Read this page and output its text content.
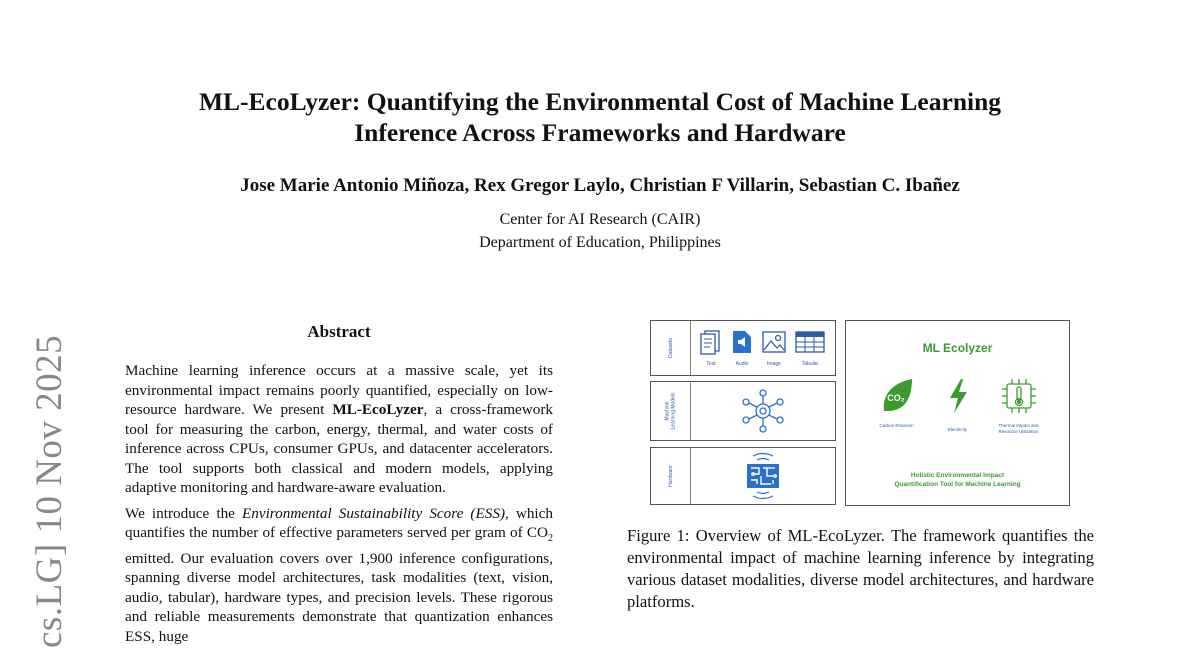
ML-EcoLyzer: Quantifying the Environmental Cost of Machine Learning
Inference Across Frameworks and Hardware
Jose Marie Antonio Miñoza, Rex Gregor Laylo, Christian F Villarin, Sebastian C. Ibañez
Center for AI Research (CAIR)
Department of Education, Philippines
cs.LG] 10 Nov 2025
Abstract

Machine learning inference occurs at a massive scale, yet its environmental impact remains poorly quantified, especially on low-resource hardware. We present ML-EcoLyzer, a cross-framework tool for measuring the carbon, energy, thermal, and water costs of inference across CPUs, consumer GPUs, and datacenter accelerators. The tool supports both classical and modern models, applying adaptive monitoring and hardware-aware evaluation.

We introduce the Environmental Sustainability Score (ESS), which quantifies the number of effective parameters served per gram of $CO_2$ emitted. Our evaluation covers over 1,900 inference configurations, spanning diverse model architectures, task modalities (text, vision, audio, tabular), hardware types, and precision levels. These rigorous and reliable measurements demonstrate that quantization enhances ESS, huge

Datasets
Text	Audio	Image	Tabular
Machine Learning Models
Hardware
ML Ecolyzer
CO₂
Carbon Emission
Electricity
Thermal Impact and Resource Utilization
Holistic Environmental Impact
Quantification Tool for Machine Learning
Figure 1: Overview of ML-EcoLyzer. The framework quantifies the environmental impact of machine learning inference by integrating various dataset modalities, diverse model architectures, and hardware platforms.
